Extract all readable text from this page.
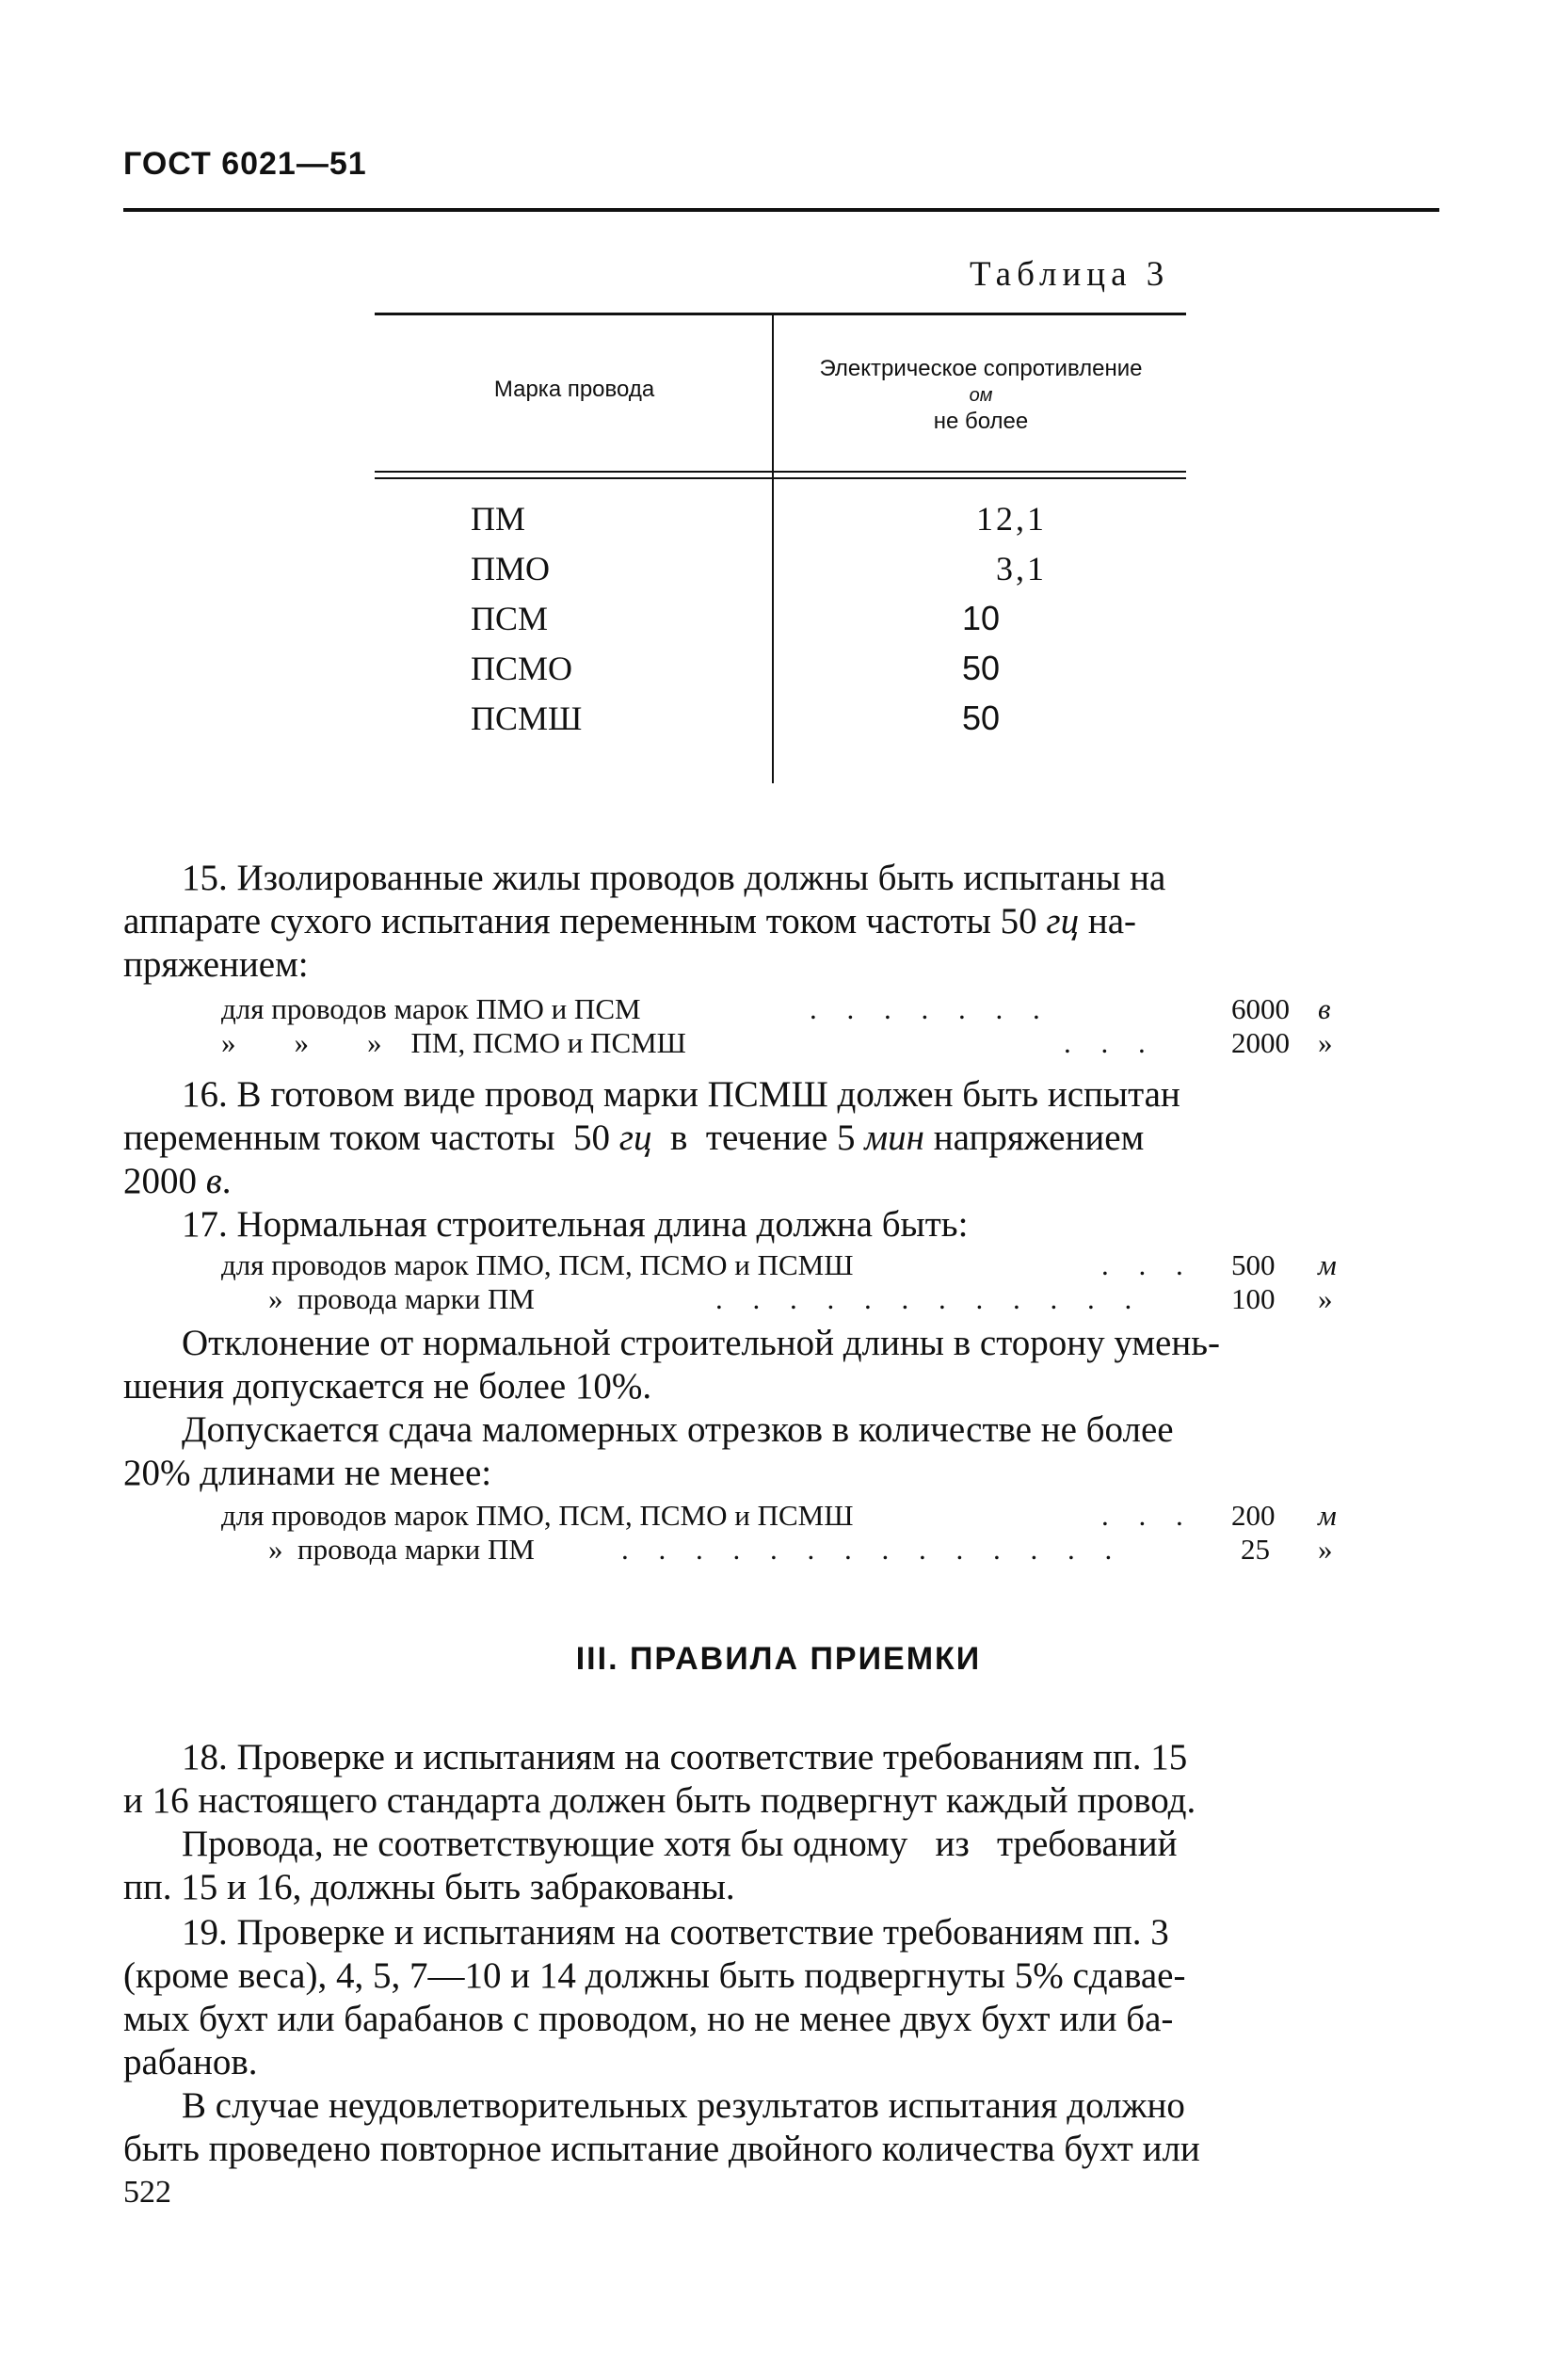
ГОСТ 6021—51
Таблица 3
Марка провода
Электрическое сопротивление
ом
не более
ПМ	12,1
ПМО	3,1
ПСМ	10
ПСМО	50
ПСМШ	50
15. Изолированные жилы проводов должны быть испытаны на
аппарате сухого испытания переменным током частоты 50 гц на-
пряжением:
для проводов марок ПМО и ПСМ	. . . . . . .	6000 в
»        »        »    ПМ, ПСМО и ПСМШ	. . .	2000 »
16. В готовом виде провод марки ПСМШ должен быть испытан
переменным током частоты  50 гц  в  течение 5 мин напряжением
2000 в.
17. Нормальная строительная длина должна быть:
для проводов марок ПМО, ПСМ, ПСМО и ПСМШ	. . . 500 м
»  провода марки ПМ	. . . . . . . . . . . .	100 »
Отклонение от нормальной строительной длины в сторону умень-
шения допускается не более 10%.
Допускается сдача маломерных отрезков в количестве не более
20% длинами не менее:
для проводов марок ПМО, ПСМ, ПСМО и ПСМШ	. . . 200 м
»  провода марки ПМ	. . . . . . . . . . . . . .	25 »
III. ПРАВИЛА ПРИЕМКИ
18. Проверке и испытаниям на соответствие требованиям пп. 15
и 16 настоящего стандарта должен быть подвергнут каждый провод.
Провода, не соответствующие хотя бы одному   из   требований
пп. 15 и 16, должны быть забракованы.
19. Проверке и испытаниям на соответствие требованиям пп. 3
(кроме веса), 4, 5, 7—10 и 14 должны быть подвергнуты 5% сдавае-
мых бухт или барабанов с проводом, но не менее двух бухт или ба-
рабанов.
В случае неудовлетворительных результатов испытания должно
быть проведено повторное испытание двойного количества бухт или
522
